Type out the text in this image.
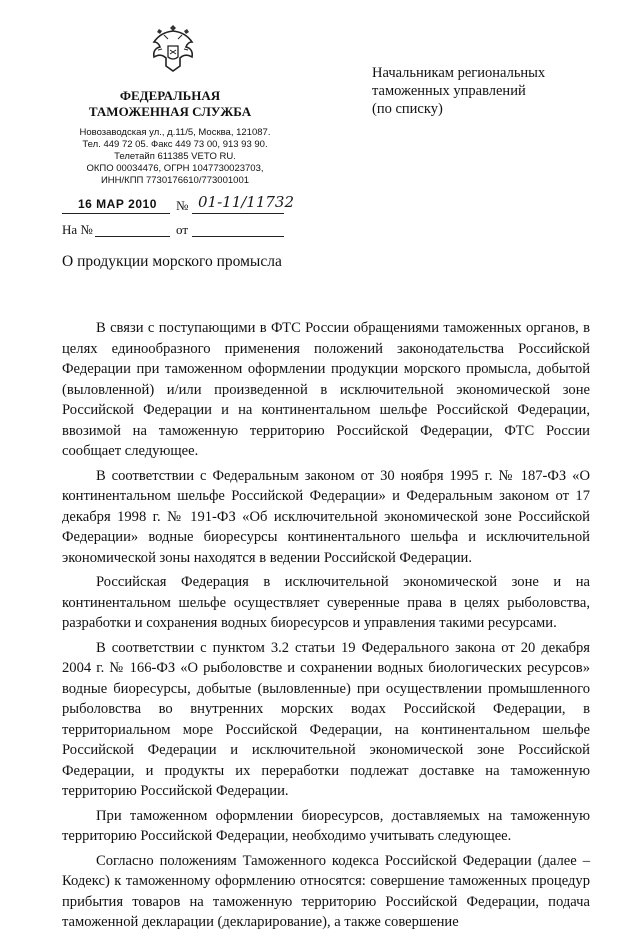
ФЕДЕРАЛЬНАЯ
ТАМОЖЕННАЯ СЛУЖБА
Новозаводская ул., д.11/5, Москва, 121087.
Тел. 449 72 05. Факс 449 73 00, 913 93 90.
Телетайп 611385 VETO RU.
ОКПО 00034476, ОГРН 1047730023703,
ИНН/КПП 7730176610/773001001
Начальникам региональных
таможенных управлений
(по списку)
16 МАР 2010 № 01-11/11732
На №	от
О продукции морского промысла

В связи с поступающими в ФТС России обращениями таможенных органов, в целях единообразного применения положений законодательства Российской Федерации при таможенном оформлении продукции морского промысла, добытой (выловленной) и/или произведенной в исключительной экономической зоне Российской Федерации и на континентальном шельфе Российской Федерации, ввозимой на таможенную территорию Российской Федерации, ФТС России сообщает следующее.

В соответствии с Федеральным законом от 30 ноября 1995 г. № 187-ФЗ «О континентальном шельфе Российской Федерации» и Федеральным законом от 17 декабря 1998 г. № 191-ФЗ «Об исключительной экономической зоне Российской Федерации» водные биоресурсы континентального шельфа и исключительной экономической зоны находятся в ведении Российской Федерации.

Российская Федерация в исключительной экономической зоне и на континентальном шельфе осуществляет суверенные права в целях рыболовства, разработки и сохранения водных биоресурсов и управления такими ресурсами.

В соответствии с пунктом 3.2 статьи 19 Федерального закона от 20 декабря 2004 г. № 166-ФЗ «О рыболовстве и сохранении водных биологических ресурсов» водные биоресурсы, добытые (выловленные) при осуществлении промышленного рыболовства во внутренних морских водах Российской Федерации, в территориальном море Российской Федерации, на континентальном шельфе Российской Федерации и исключительной экономической зоне Российской Федерации, и продукты их переработки подлежат доставке на таможенную территорию Российской Федерации.

При таможенном оформлении биоресурсов, доставляемых на таможенную территорию Российской Федерации, необходимо учитывать следующее.

Согласно положениям Таможенного кодекса Российской Федерации (далее – Кодекс) к таможенному оформлению относятся: совершение таможенных процедур прибытия товаров на таможенную территорию Российской Федерации, подача таможенной декларации (декларирование), а также совершение
